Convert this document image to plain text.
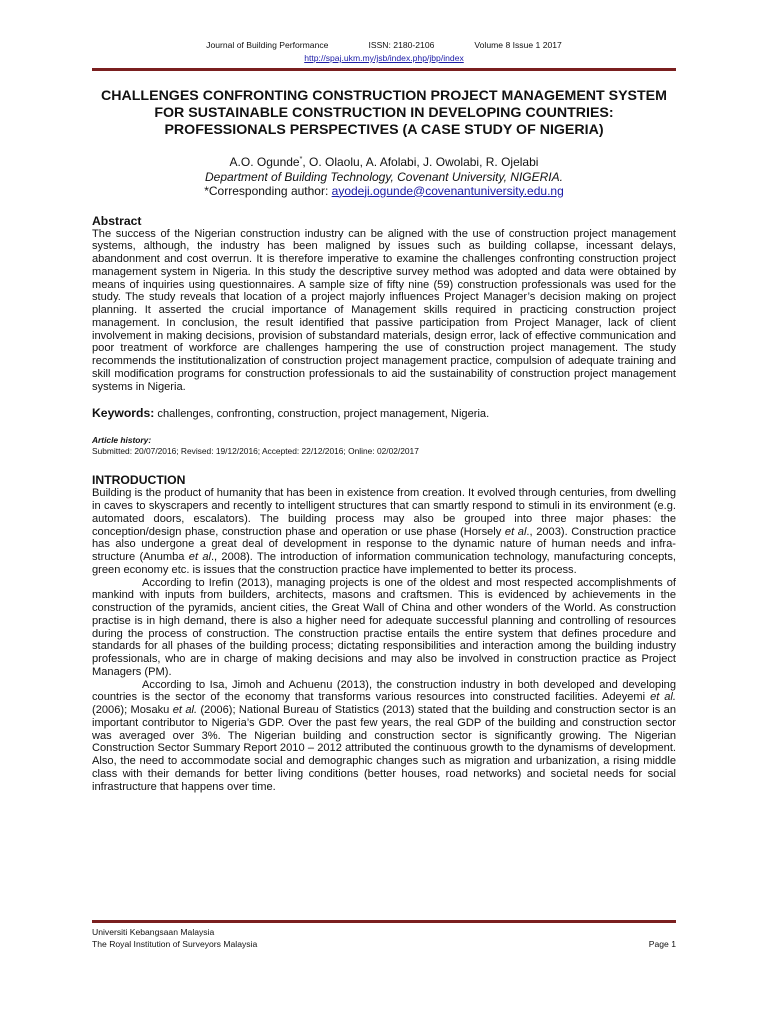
Journal of Building Performance	ISSN: 2180-2106	Volume 8 Issue 1 2017
http://spaj.ukm.my/jsb/index.php/jbp/index
CHALLENGES CONFRONTING CONSTRUCTION PROJECT MANAGEMENT SYSTEM FOR SUSTAINABLE CONSTRUCTION IN DEVELOPING COUNTRIES: PROFESSIONALS PERSPECTIVES (A CASE STUDY OF NIGERIA)
A.O. Ogunde*, O. Olaolu, A. Afolabi, J. Owolabi, R. Ojelabi
Department of Building Technology, Covenant University, NIGERIA.
*Corresponding author: ayodeji.ogunde@covenantuniversity.edu.ng
Abstract

The success of the Nigerian construction industry can be aligned with the use of construction project management systems, although, the industry has been maligned by issues such as building collapse, incessant delays, abandonment and cost overrun. It is therefore imperative to examine the challenges confronting construction project management system in Nigeria. In this study the descriptive survey method was adopted and data were obtained by means of inquiries using questionnaires. A sample size of fifty nine (59) construction professionals was used for the study. The study reveals that location of a project majorly influences Project Manager’s decision making on project planning. It asserted the crucial importance of Management skills required in practicing construction project management. In conclusion, the result identified that passive participation from Project Manager, lack of client involvement in making decisions, provision of substandard materials, design error, lack of effective communication and poor treatment of workforce are challenges hampering the use of construction project management. The study recommends the institutionalization of construction project management practice, compulsion of adequate training and skill modification programs for construction professionals to aid the sustainability of construction project management systems in Nigeria.

Keywords: challenges, confronting, construction, project management, Nigeria.
Article history:
Submitted: 20/07/2016; Revised: 19/12/2016; Accepted: 22/12/2016; Online: 02/02/2017
INTRODUCTION

Building is the product of humanity that has been in existence from creation. It evolved through centuries, from dwelling in caves to skyscrapers and recently to intelligent structures that can smartly respond to stimuli in its environment (e.g. automated doors, escalators). The building process may also be grouped into three major phases: the conception/design phase, construction phase and operation or use phase (Horsely et al., 2003). Construction practice has also undergone a great deal of development in response to the dynamic nature of human needs and infra-structure (Anumba et al., 2008). The introduction of information communication technology, manufacturing concepts, green economy etc. is issues that the construction practice have implemented to better its process.

According to Irefin (2013), managing projects is one of the oldest and most respected accomplishments of mankind with inputs from builders, architects, masons and craftsmen. This is evidenced by achievements in the construction of the pyramids, ancient cities, the Great Wall of China and other wonders of the World. As construction practise is in high demand, there is also a higher need for adequate successful planning and controlling of resources during the process of construction. The construction practise entails the entire system that defines procedure and standards for all phases of the building process; dictating responsibilities and interaction among the building industry professionals, who are in charge of making decisions and may also be involved in construction practice as Project Managers (PM).

According to Isa, Jimoh and Achuenu (2013), the construction industry in both developed and developing countries is the sector of the economy that transforms various resources into constructed facilities. Adeyemi et al. (2006); Mosaku et al. (2006); National Bureau of Statistics (2013) stated that the building and construction sector is an important contributor to Nigeria’s GDP. Over the past few years, the real GDP of the building and construction sector was averaged over 3%. The Nigerian building and construction sector is significantly growing. The Nigerian Construction Sector Summary Report 2010 – 2012 attributed the continuous growth to the dynamisms of development. Also, the need to accommodate social and demographic changes such as migration and urbanization, a rising middle class with their demands for better living conditions (better houses, road networks) and societal needs for social infrastructure that happens over time.

Universiti Kebangsaan Malaysia
The Royal Institution of Surveyors Malaysia	Page 1
